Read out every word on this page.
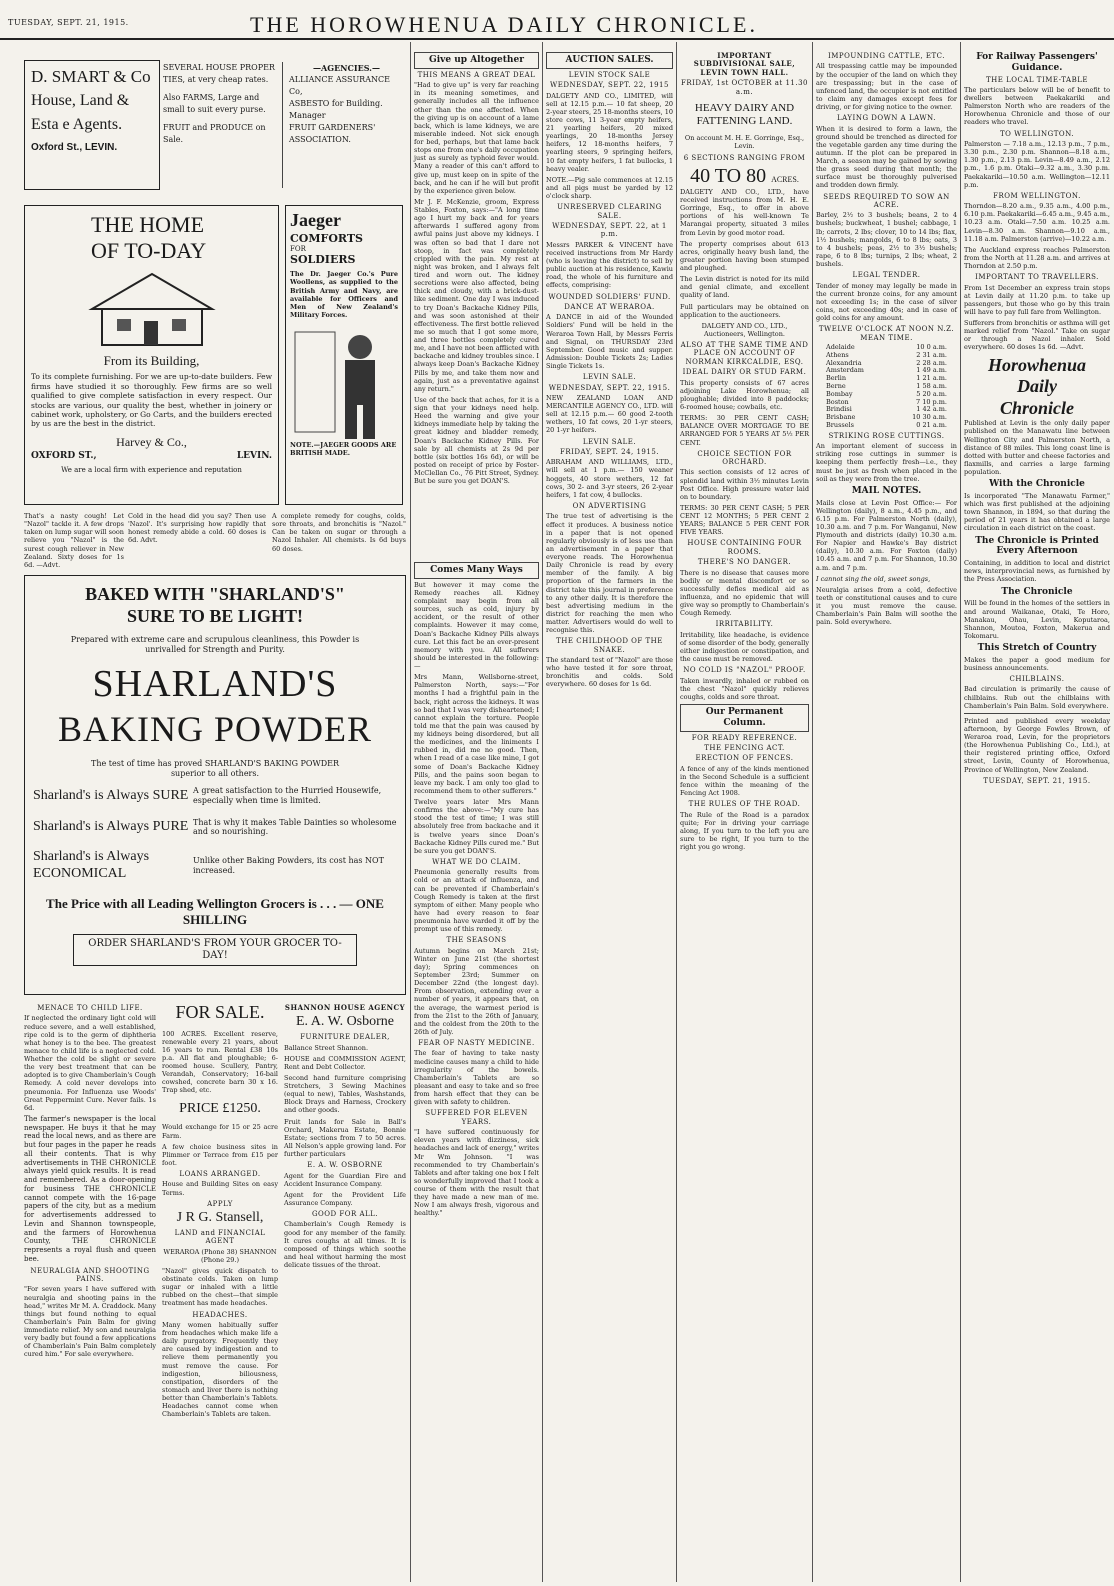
TUESDAY, SEPT. 21, 1915.	THE HOROWHENUA DAILY CHRONICLE.
D. SMART & Co
House, Land &
Esta e Agents.
Oxford St., LEVIN.
SEVERAL HOUSE PROPER TIES, at very cheap rates.
Also FARMS, Large and small to suit every purse.
FRUIT and PRODUCE on Sale.
—AGENCIES.—
ALLIANCE ASSURANCE Co,
ASBESTO for Building.
Manager
FRUIT GARDENERS' ASSOCIATION.
THE HOME
OF TO-DAY
From its Building,
To its complete furnishing. For we are up-to-date builders. Few firms have studied it so thoroughly. Few firms are so well qualified to give complete satisfaction in every respect. Our stocks are various, our quality the best, whether in joinery or cabinet work, upholstery, or Go Carts, and the builders erected by us are the best in the district.
Harvey & Co.,
OXFORD ST.,	LEVIN.
We are a local firm with experience and reputation
Jaeger
COMFORTS
FOR
SOLDIERS
The Dr. Jaeger Co.'s Pure Woollens, as supplied to the British Army and Navy, are available for Officers and Men of New Zealand's Military Forces.
NOTE.—JAEGER GOODS ARE BRITISH MADE.
That's a nasty cough! Let "Nazol" tackle it. A few drops taken on lump sugar will soon relieve you "Nazol" is the surest cough reliever in New Zealand. Sixty doses for 1s 6d. —Advt.
Cold in the head did you say? Then use 'Nazol'. It's surprising how rapidly that honest remedy abide a cold. 60 doses is 6d. Advt.
A complete remedy for coughs, colds, sore throats, and bronchitis is "Nazol." Can be taken on sugar or through a Nazol Inhaler. All chemists. Is 6d buys 60 doses.
BAKED WITH "SHARLAND'S"
SURE TO BE LIGHT!
Prepared with extreme care and scrupulous cleanliness, this Powder is unrivalled for Strength and Purity.
SHARLAND'S
BAKING POWDER
The test of time has proved SHARLAND'S BAKING POWDER superior to all others.
Sharland's is Always SURE A great satisfaction to the Hurried Housewife, especially when time is limited.
Sharland's is Always PURE That is why it makes Table Dainties so wholesome and so nourishing.
Sharland's is Always ECONOMICAL
Unlike other Baking Powders, its cost has NOT increased.
The Price with all Leading Wellington Grocers is . . . — ONE SHILLING
ORDER SHARLAND'S FROM YOUR GROCER TO-DAY!
MENACE TO CHILD LIFE.
If neglected the ordinary light cold will reduce severe, and a well established, ripe cold is to the germ of diphtheria what honey is to the bee. The greatest menace to child life is a neglected cold. Whether the cold be slight or severe the very best treatment that can be adopted is to give Chamberlain's Cough Remedy. A cold never develops into pneumonia. For Influenza use Woods' Great Peppermint Cure. Never fails. 1s 6d.
The farmer's newspaper is the local newspaper. He buys it that he may read the local news, and as there are but four pages in the paper he reads all their contents. That is why advertisements in THE CHRONICLE always yield quick results. It is read and remembered. As a door-opening for business THE CHRONICLE cannot compete with the 16-page papers of the city, but as a medium for advertisements addressed to Levin and Shannon townspeople, and the farmers of Horowhenua County, THE CHRONICLE represents a royal flush and queen bee.
NEURALGIA AND SHOOTING PAINS.
"For seven years I have suffered with neuralgia and shooting pains in the head," writes Mr M. A. Craddock. Many things but found nothing to equal Chamberlain's Pain Balm for giving immediate relief. My son and neuralgia very badly but found a few applications of Chamberlain's Pain Balm completely cured him." For sale everywhere.
FOR SALE.
100 ACRES. Excellent reserve, renewable every 21 years, about 16 years to run. Rental £38 10s p.a. All flat and ploughable; 6-roomed house. Scullery, Pantry, Verandah, Conservatory; 16-bail cowshed, concrete barn 30 x 16. Trap shed, etc.
PRICE £1250.
Would exchange for 15 or 25 acre Farm.
A few choice business sites in Plimmer or Terrace from £15 per foot.
LOANS ARRANGED.
House and Building Sites on easy Terms.
APPLY
J R G. Stansell,
LAND and FINANCIAL AGENT
WERAROA (Phone 38) SHANNON (Phone 29.)
"Nazol" gives quick dispatch to obstinate colds. Taken on lump sugar or inhaled with a little rubbed on the chest—that simple treatment has made headaches.
HEADACHES.
Many women habitually suffer from headaches which make life a daily purgatory. Frequently they are caused by indigestion and to relieve them permanently you must remove the cause. For indigestion, biliousness, constipation, disorders of the stomach and liver there is nothing better than Chamberlain's Tablets. Headaches cannot come when Chamberlain's Tablets are taken.
Give up Altogether
THIS MEANS A GREAT DEAL
"Had to give up" is very far reaching in its meaning sometimes, and generally includes all the influence other than the one affected. When the giving up is on account of a lame back, which is lame kidneys, we are miserable indeed. Not sick enough for bed, perhaps, but that lame back stops one from one's daily occupation just as surely as typhoid fever would. Many a reader of this can't afford to give up, must keep on in spite of the back, and he can if he will but profit by the experience given below.
Mr J. F. McKenzie, groom, Express Stables, Foxton, says:—"A long time ago I hurt my back and for years afterwards I suffered agony from awful pains just above my kidneys. I was often so bad that I dare not stoop, in fact was completely crippled with the pain. My rest at night was broken, and I always felt tired and worn out. The kidney secretions were also affected, being thick and cloudy, with a brick-dust-like sediment. One day I was induced to try Doan's Backache Kidney Pills, and was soon astonished at their effectiveness. The first bottle relieved me so much that I got some more, and three bottles completely cured me, and I have not been afflicted with backache and kidney troubles since. I always keep Doan's Backache Kidney Pills by me, and take them now and again, just as a preventative against any return."
Use of the back that aches, for it is a sign that your kidneys need help. Heed the warning and give your kidneys immediate help by taking the great kidney and bladder remedy, Doan's Backache Kidney Pills. For sale by all chemists at 2s 9d per bottle (six bottles 16s 6d), or will be posted on receipt of price by Foster-McClellan Co., 76 Pitt Street, Sydney. But be sure you get DOAN'S.
Comes Many Ways
But however it may come the Remedy reaches all. Kidney complaint may begin from all sources, such as cold, injury by accident, or the result of other complaints. However it may come, Doan's Backache Kidney Pills always cure. Let this fact be an ever-present memory with you. All sufferers should be interested in the following:—
Mrs Mann, Wellsborne-street, Palmerston North, says:—"For months I had a frightful pain in the back, right across the kidneys. It was so bad that I was very disheartened; I cannot explain the torture. People told me that the pain was caused by my kidneys being disordered, but all the medicines, and the liniments I rubbed in, did me no good. Then, when I read of a case like mine, I got some of Doan's Backache Kidney Pills, and the pains soon began to leave my back. I am only too glad to recommend them to other sufferers."
Twelve years later Mrs Mann confirms the above:—"My cure has stood the test of time; I was still absolutely free from backache and it is twelve years since Doan's Backache Kidney Pills cured me." But be sure you get DOAN'S.
WHAT WE DO CLAIM.
Pneumonia generally results from cold or an attack of influenza, and can be prevented if Chamberlain's Cough Remedy is taken at the first symptom of either. Many people who have had every reason to fear pneumonia have warded it off by the prompt use of this remedy.
THE SEASONS
Autumn begins on March 21st; Winter on June 21st (the shortest day); Spring commences on September 23rd; Summer on December 22nd (the longest day). From observation, extending over a number of years, it appears that, on the average, the warmest period is from the 21st to the 26th of January, and the coldest from the 20th to the 26th of July.
FEAR OF NASTY MEDICINE.
The fear of having to take nasty medicine causes many a child to hide irregularity of the bowels. Chamberlain's Tablets are so pleasant and easy to take and so free from harsh effect that they can be given with safety to children.
SUFFERED FOR ELEVEN YEARS.
"I have suffered continuously for eleven years with dizziness, sick headaches and lack of energy," writes Mr Wm Johnson. "I was recommended to try Chamberlain's Tablets and after taking one box I felt so wonderfully improved that I took a course of them with the result that they have made a new man of me. Now I am always fresh, vigorous and healthy."
SHANNON HOUSE AGENCY
E. A. W. Osborne
FURNITURE DEALER,
Ballance Street Shannon.
HOUSE and COMMISSION AGENT, Rent and Debt Collector.
Second hand furniture comprising Stretchers, 3 Sewing Machines (equal to new), Tables, Washstands, Block Drays and Harness, Crockery and other goods.
Fruit lands for Sale in Ball's Orchard, Makerua Estate, Bonnie Estate; sections from 7 to 50 acres. All Nelson's apple growing land. For further particulars
E. A. W. OSBORNE
Agent for the Guardian Fire and Accident Insurance Company.
Agent for the Provident Life Assurance Company.
GOOD FOR ALL.
Chamberlain's Cough Remedy is good for any member of the family. It cures coughs at all times. It is composed of things which soothe and heal without harming the most delicate tissues of the throat.
AUCTION SALES.
LEVIN STOCK SALE
WEDNESDAY, SEPT. 22, 1915
DALGETY AND CO., LIMITED, will sell at 12.15 p.m.— 10 fat sheep, 20 2-year steers, 25 18-months steers, 10 store cows, 11 3-year empty heifers, 21 yearling heifers, 20 mixed yearlings, 20 18-months Jersey heifers, 12 18-months heifers, 7 yearling steers, 9 springing heifers, 10 fat empty heifers, 1 fat bullocks, 1 heavy vealer.
NOTE.—Pig sale commences at 12.15 and all pigs must be yarded by 12 o'clock sharp.
UNRESERVED CLEARING SALE.
WEDNESDAY, SEPT. 22, at 1 p.m.
Messrs PARKER & VINCENT have received instructions from Mr Hardy (who is leaving the district) to sell by public auction at his residence, Kawiu road, the whole of his furniture and effects, comprising:
WOUNDED SOLDIERS' FUND.
DANCE AT WERAROA.
A DANCE in aid of the Wounded Soldiers' Fund will be held in the Weraroa Town Hall, by Messrs Ferris and Signal, on THURSDAY 23rd September. Good music and supper. Admission: Double Tickets 2s; Ladies Single Tickets 1s.
LEVIN SALE.
WEDNESDAY, SEPT. 22, 1915.
NEW ZEALAND LOAN AND MERCANTILE AGENCY CO., LTD. will sell at 12.15 p.m.— 60 good 2-tooth wethers, 10 fat cows, 20 1-yr steers, 20 1-yr heifers.
LEVIN SALE.
FRIDAY, SEPT. 24, 1915.
ABRAHAM AND WILLIAMS, LTD., will sell at 1 p.m.— 150 weaner hoggets, 40 store wethers, 12 fat cows, 30 2- and 3-yr steers, 26 2-year heifers, 1 fat cow, 4 bullocks.
ON ADVERTISING
The true test of advertising is the effect it produces. A business notice in a paper that is not opened regularly obviously is of less use than an advertisement in a paper that everyone reads. The Horowhenua Daily Chronicle is read by every member of the family. A big proportion of the farmers in the district take this journal in preference to any other daily. It is therefore the best advertising medium in the district for reaching the men who matter. Advertisers would do well to recognise this.
THE CHILDHOOD OF THE SNAKE.
The standard test of "Nazol" are those who have tested it for sore throat, bronchitis and colds. Sold everywhere. 60 doses for 1s 6d.
IMPORTANT SUBDIVISIONAL SALE, LEVIN TOWN HALL.
FRIDAY, 1st OCTOBER at 11.30 a.m.
HEAVY DAIRY AND FATTENING LAND.
On account M. H. E. Gorringe, Esq., Levin.
6 SECTIONS RANGING FROM
40 TO 80 ACRES.
DALGETY AND CO., LTD., have received instructions from M. H. E. Gorringe, Esq., to offer in above portions of his well-known Te Marangai property, situated 3 miles from Levin by good motor road.
The property comprises about 613 acres, originally heavy bush land, the greater portion having been stumped and ploughed.
The Levin district is noted for its mild and genial climate, and excellent quality of land.
Full particulars may be obtained on application to the auctioneers.
DALGETY AND CO., LTD., Auctioneers, Wellington.
ALSO AT THE SAME TIME AND PLACE ON ACCOUNT OF NORMAN KIRKCALDIE, ESQ.
IDEAL DAIRY OR STUD FARM.
This property consists of 67 acres adjoining Lake Horowhenua; all ploughable; divided into 8 paddocks; 6-roomed house; cowbails, etc.
TERMS: 30 PER CENT CASH; BALANCE OVER MORTGAGE TO BE ARRANGED FOR 5 YEARS AT 5½ PER CENT.
CHOICE SECTION FOR ORCHARD.
This section consists of 12 acres of splendid land within 3½ minutes Levin Post Office. High pressure water laid on to boundary.
TERMS: 30 PER CENT CASH; 5 PER CENT 12 MONTHS; 5 PER CENT 2 YEARS; BALANCE 5 PER CENT FOR FIVE YEARS.
HOUSE CONTAINING FOUR ROOMS.
THERE'S NO DANGER.
There is no disease that causes more bodily or mental discomfort or so successfully defies medical aid as influenza, and no epidemic that will give way so promptly to Chamberlain's Cough Remedy.
IRRITABILITY.
Irritability, like headache, is evidence of some disorder of the body, generally either indigestion or constipation, and the cause must be removed.
NO COLD IS "NAZOL" PROOF.
Taken inwardly, inhaled or rubbed on the chest "Nazol" quickly relieves coughs, colds and sore throat.
Our Permanent Column.
FOR READY REFERENCE.
THE FENCING ACT.
ERECTION OF FENCES.
A fence of any of the kinds mentioned in the Second Schedule is a sufficient fence within the meaning of the Fencing Act 1908.
THE RULES OF THE ROAD.
The Rule of the Road is a paradox quite; For in driving your carriage along, If you turn to the left you are sure to be right, If you turn to the right you go wrong.
IMPOUNDING CATTLE, ETC.
All trespassing cattle may be impounded by the occupier of the land on which they are trespassing; but in the case of unfenced land, the occupier is not entitled to claim any damages except fees for driving, or for giving notice to the owner.
LAYING DOWN A LAWN.
When it is desired to form a lawn, the ground should be trenched as directed for the vegetable garden any time during the autumn. If the plot can be prepared in March, a season may be gained by sowing the grass seed during that month; the surface must be thoroughly pulverised and trodden down firmly.
SEEDS REQUIRED TO SOW AN ACRE.
Barley, 2½ to 3 bushels; beans, 2 to 4 bushels; buckwheat, 1 bushel; cabbage, 1 lb; carrots, 2 lbs; clover, 10 to 14 lbs; flax, 1½ bushels; mangolds, 6 to 8 lbs; oats, 3 to 4 bushels; peas, 2½ to 3½ bushels; rape, 6 to 8 lbs; turnips, 2 lbs; wheat, 2 bushels.
LEGAL TENDER.
Tender of money may legally be made in the current bronze coins, for any amount not exceeding 1s; in the case of silver coins, not exceeding 40s; and in case of gold coins for any amount.
TWELVE O'CLOCK AT NOON N.Z. MEAN TIME.
Adelaide	10 0 a.m.
Athens	2 31 a.m.
Alexandria	2 28 a.m.
Amsterdam	1 49 a.m.
Berlin	1 21 a.m.
Berne	1 58 a.m.
Bombay	5 20 a.m.
Boston	7 10 p.m.
Brindisi	1 42 a.m.
Brisbane	10 30 a.m.
Brussels	0 21 a.m.
STRIKING ROSE CUTTINGS.
An important element of success in striking rose cuttings in summer is keeping them perfectly fresh—i.e., they must be just as fresh when placed in the soil as they were from the tree.
MAIL NOTES.
Mails close at Levin Post Office:— For Wellington (daily), 8 a.m., 4.45 p.m., and 6.15 p.m. For Palmerston North (daily), 10.30 a.m. and 7 p.m. For Wanganui, New Plymouth and districts (daily) 10.30 a.m. For Napier and Hawke's Bay district (daily), 10.30 a.m. For Foxton (daily) 10.45 a.m. and 7 p.m. For Shannon, 10.30 a.m. and 7 p.m.
I cannot sing the old, sweet songs,
Neuralgia arises from a cold, defective teeth or constitutional causes and to cure it you must remove the cause. Chamberlain's Pain Balm will soothe the pain. Sold everywhere.
For Railway Passengers' Guidance.
THE LOCAL TIME-TABLE
The particulars below will be of benefit to dwellers between Paekakariki and Palmerston North who are readers of the Horowhenua Chronicle and those of our readers who travel.
TO WELLINGTON.
Palmerston — 7.18 a.m., 12.13 p.m., 7 p.m., 3.30 p.m., 2.30 p.m. Shannon—8.18 a.m., 1.30 p.m., 2.13 p.m. Levin—8.49 a.m., 2.12 p.m., 1.6 p.m. Otaki—9.32 a.m., 3.30 p.m. Paekakariki—10.50 a.m. Wellington—12.11 p.m.
FROM WELLINGTON.
Thorndon—8.20 a.m., 9.35 a.m., 4.00 p.m., 6.10 p.m. Paekakariki—6.45 a.m., 9.45 a.m., 10.23 a.m. Otaki—7.50 a.m. 10.25 a.m. Levin—8.30 a.m. Shannon—9.10 a.m., 11.18 a.m. Palmerston (arrive)—10.22 a.m.
The Auckland express reaches Palmerston from the North at 11.28 a.m. and arrives at Thorndon at 2.50 p.m.
IMPORTANT TO TRAVELLERS.
From 1st December an express train stops at Levin daily at 11.20 p.m. to take up passengers, but those who go by this train will have to pay full fare from Wellington.
Sufferers from bronchitis or asthma will get marked relief from "Nazol." Take on sugar or through a Nazol inhaler. Sold everywhere. 60 doses 1s 6d. —Advt.
Horowhenua
Daily
Chronicle
Published at Levin is the only daily paper published on the Manawatu line between Wellington City and Palmerston North, a distance of 88 miles. This long coast line is dotted with butter and cheese factories and flaxmills, and carries a large farming population.
With the Chronicle
Is incorporated "The Manawatu Farmer," which was first published at the adjoining town Shannon, in 1894, so that during the period of 21 years it has obtained a large circulation in each district on the coast.
The Chronicle is Printed Every Afternoon
Containing, in addition to local and district news, interprovincial news, as furnished by the Press Association.
The Chronicle
Will be found in the homes of the settlers in and around Waikanae, Otaki, Te Horo, Manakau, Ohau, Levin, Koputaroa, Shannon, Moutoa, Foxton, Makerua and Tokomaru.
This Stretch of Country
Makes the paper a good medium for business announcements.
CHILBLAINS.
Bad circulation is primarily the cause of chilblains. Rub out the chilblains with Chamberlain's Pain Balm. Sold everywhere.
Printed and published every weekday afternoon, by George Fowles Brown, of Weraroa road, Levin, for the proprietors (the Horowhenua Publishing Co., Ltd.), at their registered printing office, Oxford street, Levin, County of Horowhenua, Province of Wellington, New Zealand.
TUESDAY, SEPT. 21, 1915.
